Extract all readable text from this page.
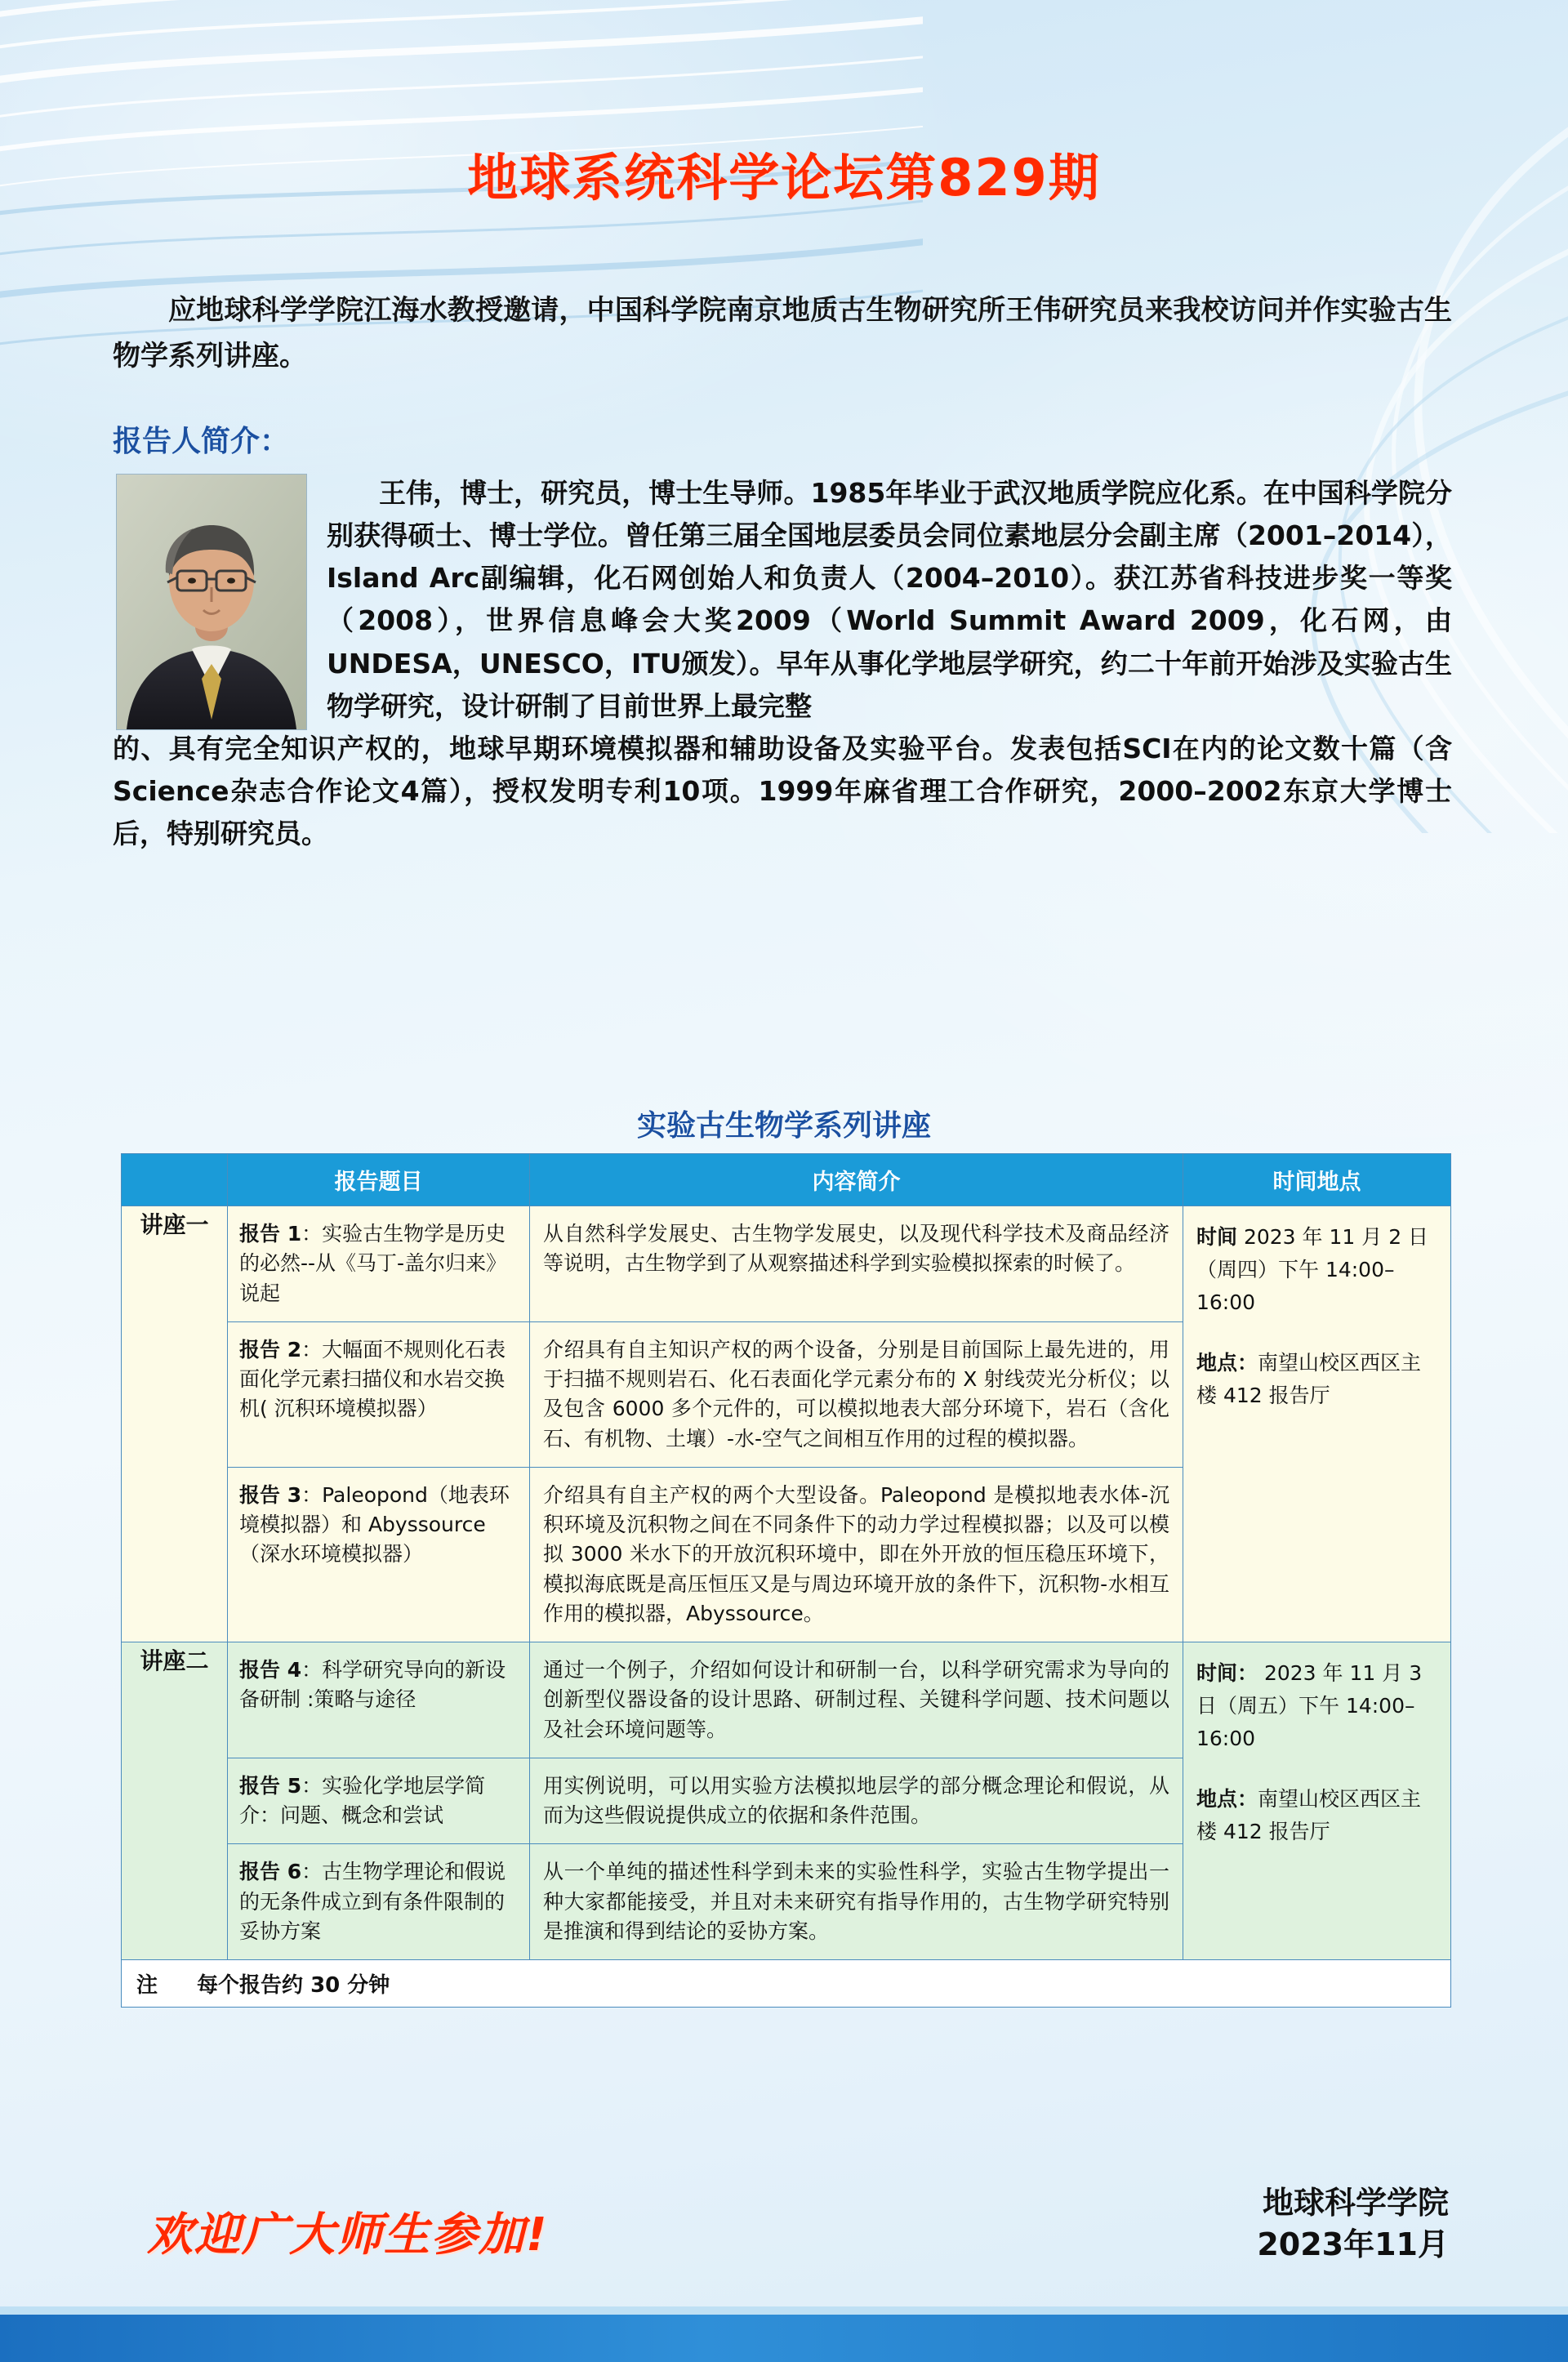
地球系统科学论坛第829期
应地球科学学院江海水教授邀请，中国科学院南京地质古生物研究所王伟研究员来我校访问并作实验古生物学系列讲座。
报告人简介：
王伟，博士，研究员，博士生导师。1985年毕业于武汉地质学院应化系。在中国科学院分别获得硕士、博士学位。曾任第三届全国地层委员会同位素地层分会副主席（2001–2014），Island Arc副编辑，化石网创始人和负责人（2004–2010）。获江苏省科技进步奖一等奖（2008），世界信息峰会大奖2009（World Summit Award 2009，化石网，由UNDESA，UNESCO，ITU颁发）。早年从事化学地层学研究，约二十年前开始涉及实验古生物学研究，设计研制了目前世界上最完整
的、具有完全知识产权的，地球早期环境模拟器和辅助设备及实验平台。发表包括SCI在内的论文数十篇（含Science杂志合作论文4篇），授权发明专利10项。1999年麻省理工合作研究，2000–2002东京大学博士后，特别研究员。
实验古生物学系列讲座
	报告题目	内容简介	时间地点
讲座一	报告 1：实验古生物学是历史的必然--从《马丁-盖尔归来》说起	从自然科学发展史、古生物学发展史，以及现代科学技术及商品经济等说明，古生物学到了从观察描述科学到实验模拟探索的时候了。	时间 2023 年 11 月 2 日（周四）下午 14:00–16:00
地点：南望山校区西区主楼 412 报告厅

	报告 2：大幅面不规则化石表面化学元素扫描仪和水岩交换机( 沉积环境模拟器）	介绍具有自主知识产权的两个设备，分别是目前国际上最先进的，用于扫描不规则岩石、化石表面化学元素分布的 X 射线荧光分析仪；以及包含 6000 多个元件的，可以模拟地表大部分环境下，岩石（含化石、有机物、土壤）-水-空气之间相互作用的过程的模拟器。	
	报告 3：Paleopond（地表环境模拟器）和 Abyssource（深水环境模拟器）	介绍具有自主产权的两个大型设备。Paleopond 是模拟地表水体-沉积环境及沉积物之间在不同条件下的动力学过程模拟器；以及可以模拟 3000 米水下的开放沉积环境中，即在外开放的恒压稳压环境下，模拟海底既是高压恒压又是与周边环境开放的条件下，沉积物-水相互作用的模拟器，Abyssource。	
讲座二	报告 4：科学研究导向的新设备研制 :策略与途径	通过一个例子，介绍如何设计和研制一台，以科学研究需求为导向的创新型仪器设备的设计思路、研制过程、关键科学问题、技术问题以及社会环境问题等。	时间： 2023 年 11 月 3 日（周五）下午 14:00–16:00
地点：南望山校区西区主楼 412 报告厅

	报告 5：实验化学地层学简介：问题、概念和尝试	用实例说明，可以用实验方法模拟地层学的部分概念理论和假说，从而为这些假说提供成立的依据和条件范围。	
	报告 6：古生物学理论和假说的无条件成立到有条件限制的妥协方案	从一个单纯的描述性科学到未来的实验性科学，实验古生物学提出一种大家都能接受，并且对未来研究有指导作用的，古生物学研究特别是推演和得到结论的妥协方案。	

注 每个报告约 30 分钟			
欢迎广大师生参加!
地球科学学院
2023年11月
